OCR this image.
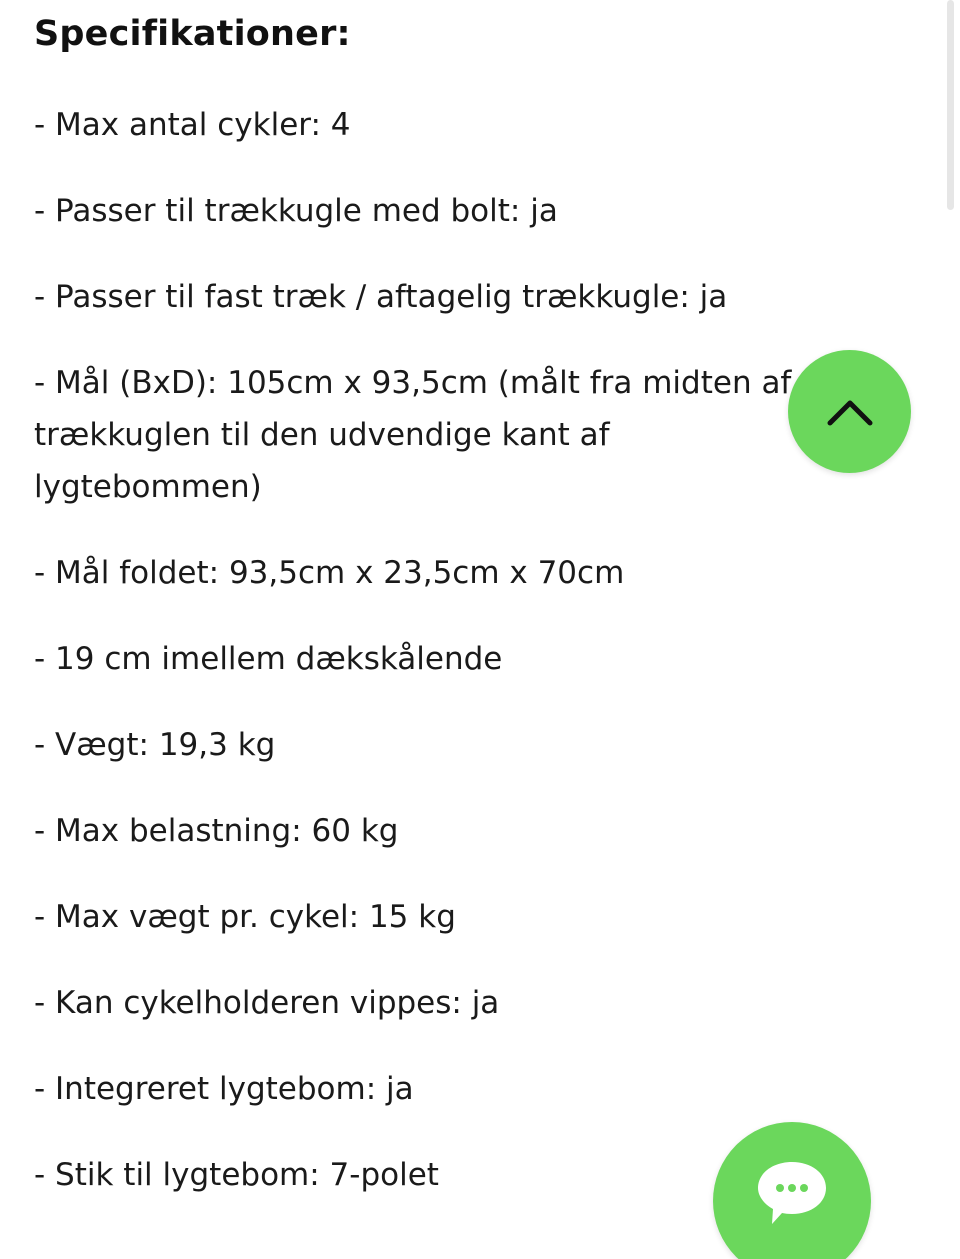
Specifikationer:
- Max antal cykler: 4
- Passer til trækkugle med bolt: ja
- Passer til fast træk / aftagelig trækkugle: ja
- Mål (BxD): 105cm x 93,5cm (målt fra midten af trækkuglen til den udvendige kant af lygtebommen)
- Mål foldet: 93,5cm x 23,5cm x 70cm
- 19 cm imellem dækskålende
- Vægt: 19,3 kg
- Max belastning: 60 kg
- Max vægt pr. cykel: 15 kg
- Kan cykelholderen vippes: ja
- Integreret lygtebom: ja
- Stik til lygtebom: 7-polet
